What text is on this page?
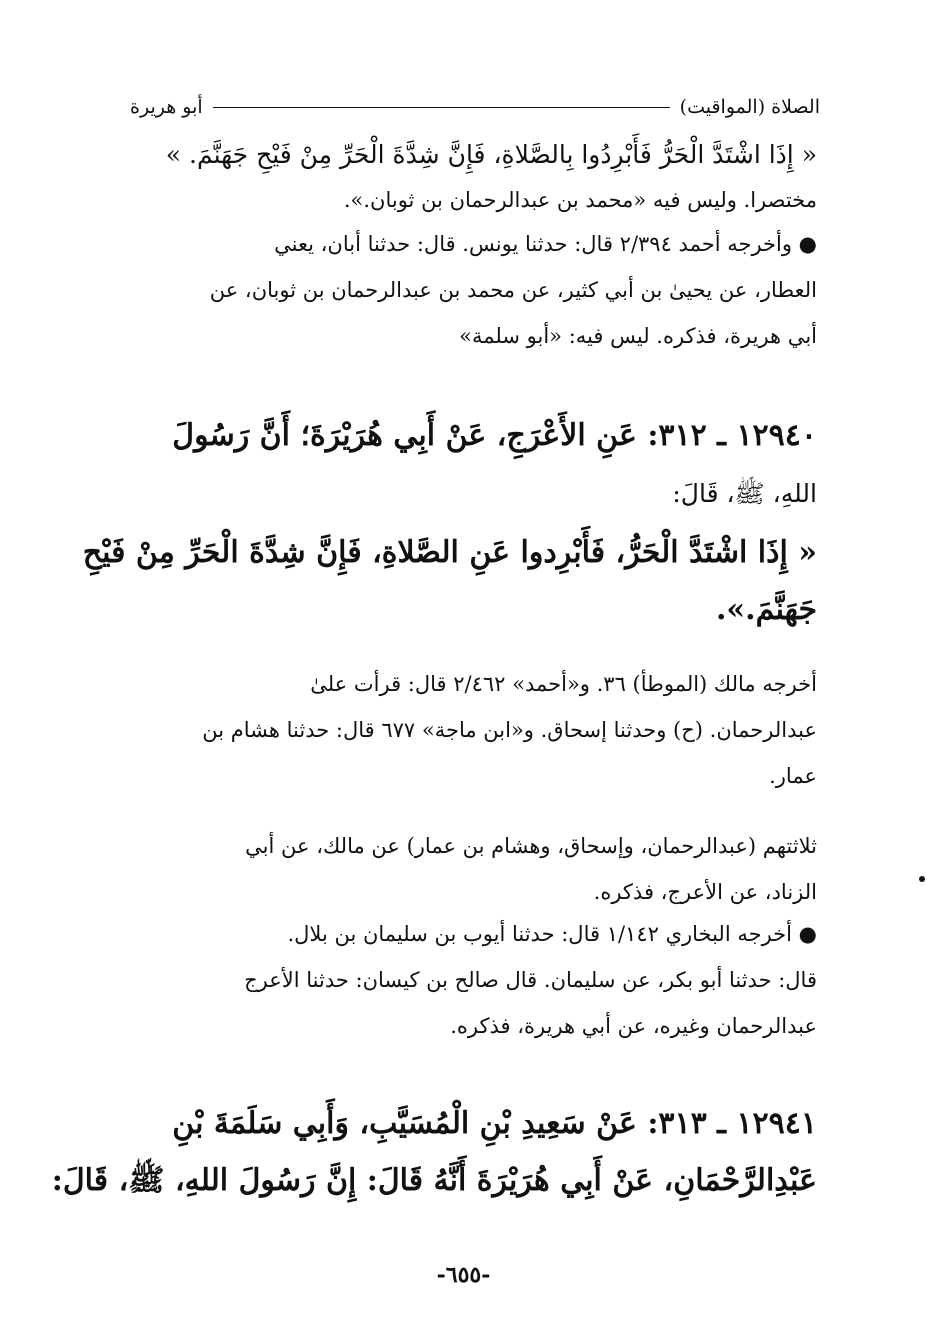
الصلاة (المواقيت)
أبو هريرة
« إِذَا اشْتَدَّ الْحَرُّ فَأَبْرِدُوا بِالصَّلاةِ، فَإِنَّ شِدَّةَ الْحَرِّ مِنْ فَيْحِ جَهَنَّمَ. »
مختصرا. وليس فيه «محمد بن عبدالرحمان بن ثوبان.».
● وأخرجه أحمد ٢/٣٩٤ قال: حدثنا يونس. قال: حدثنا أبان، يعني
العطار، عن يحيىٰ بن أبي كثير، عن محمد بن عبدالرحمان بن ثوبان، عن
أبي هريرة، فذكره. ليس فيه: «أبو سلمة»
١٢٩٤٠ ـ ٣١٢: عَنِ الأَعْرَجِ، عَنْ أَبِي هُرَيْرَةَ؛ أَنَّ رَسُولَ
اللهِ، ﷺ، قَالَ:
« إِذَا اشْتَدَّ الْحَرُّ، فَأَبْرِدوا عَنِ الصَّلاةِ، فَإِنَّ شِدَّةَ الْحَرِّ مِنْ فَيْحِ
جَهَنَّمَ.».
أخرجه مالك (الموطأ) ٣٦. و«أحمد» ٢/٤٦٢ قال: قرأت علىٰ
عبدالرحمان. (ح) وحدثنا إسحاق. و«ابن ماجة» ٦٧٧ قال: حدثنا هشام بن
عمار.
ثلاثتهم (عبدالرحمان، وإسحاق، وهشام بن عمار) عن مالك، عن أبي
الزناد، عن الأعرج، فذكره.
● أخرجه البخاري ١/١٤٢ قال: حدثنا أيوب بن سليمان بن بلال.
قال: حدثنا أبو بكر، عن سليمان. قال صالح بن كيسان: حدثنا الأعرج
عبدالرحمان وغيره، عن أبي هريرة، فذكره.
١٢٩٤١ ـ ٣١٣: عَنْ سَعِيدِ بْنِ الْمُسَيَّبِ، وَأَبِي سَلَمَةَ بْنِ
عَبْدِالرَّحْمَانِ، عَنْ أَبِي هُرَيْرَةَ أَنَّهُ قَالَ: إِنَّ رَسُولَ اللهِ، ﷺ، قَالَ:
-٦٥٥-
